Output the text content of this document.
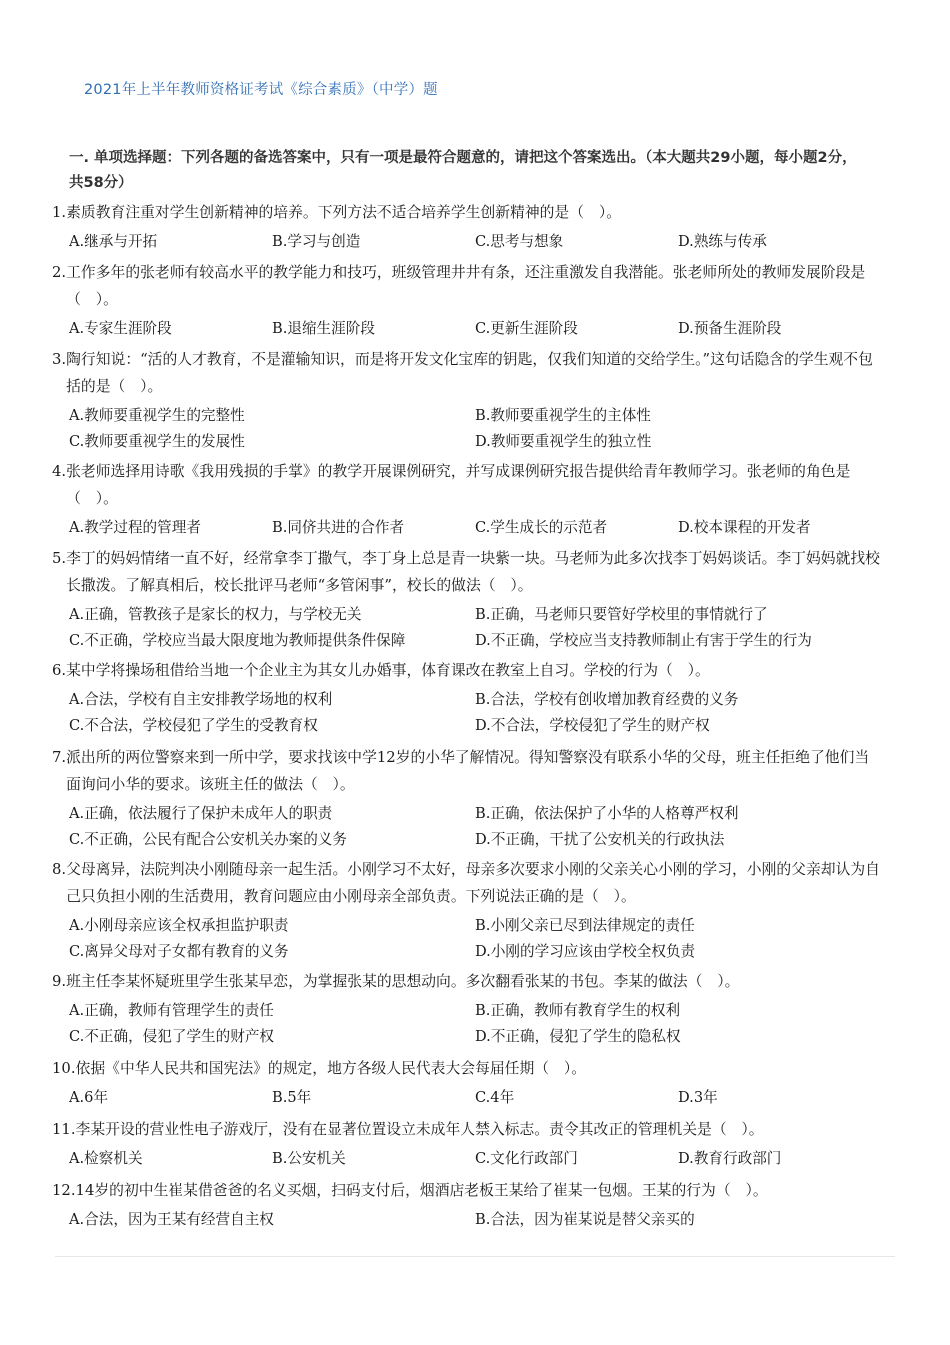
2021年上半年教师资格证考试《综合素质》（中学）题
一. 单项选择题：下列各题的备选答案中，只有一项是最符合题意的，请把这个答案选出。（本大题共29小题，每小题2分，共58分）
1. 素质教育注重对学生创新精神的培养。下列方法不适合培养学生创新精神的是（　）。
A.继承与开拓	B.学习与创造	C.思考与想象	D.熟练与传承
2. 工作多年的张老师有较高水平的教学能力和技巧，班级管理井井有条，还注重激发自我潜能。张老师所处的教师发展阶段是（　）。
A.专家生涯阶段	B.退缩生涯阶段	C.更新生涯阶段	D.预备生涯阶段
3. 陶行知说：“活的人才教育，不是灌输知识，而是将开发文化宝库的钥匙，仅我们知道的交给学生。”这句话隐含的学生观不包括的是（　）。
A.教师要重视学生的完整性	B.教师要重视学生的主体性
C.教师要重视学生的发展性	D.教师要重视学生的独立性
4. 张老师选择用诗歌《我用残损的手掌》的教学开展课例研究，并写成课例研究报告提供给青年教师学习。张老师的角色是（　）。
A.教学过程的管理者	B.同侪共进的合作者	C.学生成长的示范者	D.校本课程的开发者
5. 李丁的妈妈情绪一直不好，经常拿李丁撒气，李丁身上总是青一块紫一块。马老师为此多次找李丁妈妈谈话。李丁妈妈就找校长撒泼。了解真相后，校长批评马老师“多管闲事”，校长的做法（　）。
A.正确，管教孩子是家长的权力，与学校无关	B.正确，马老师只要管好学校里的事情就行了
C.不正确，学校应当最大限度地为教师提供条件保障	D.不正确，学校应当支持教师制止有害于学生的行为
6. 某中学将操场租借给当地一个企业主为其女儿办婚事，体育课改在教室上自习。学校的行为（　）。
A.合法，学校有自主安排教学场地的权利	B.合法，学校有创收增加教育经费的义务
C.不合法，学校侵犯了学生的受教育权	D.不合法，学校侵犯了学生的财产权
7. 派出所的两位警察来到一所中学，要求找该中学12岁的小华了解情况。得知警察没有联系小华的父母，班主任拒绝了他们当面询问小华的要求。该班主任的做法（　）。
A.正确，依法履行了保护未成年人的职责	B.正确，依法保护了小华的人格尊严权利
C.不正确，公民有配合公安机关办案的义务	D.不正确，干扰了公安机关的行政执法
8. 父母离异，法院判决小刚随母亲一起生活。小刚学习不太好，母亲多次要求小刚的父亲关心小刚的学习，小刚的父亲却认为自己只负担小刚的生活费用，教育问题应由小刚母亲全部负责。下列说法正确的是（　）。
A.小刚母亲应该全权承担监护职责	B.小刚父亲已尽到法律规定的责任
C.离异父母对子女都有教育的义务	D.小刚的学习应该由学校全权负责
9. 班主任李某怀疑班里学生张某早恋，为掌握张某的思想动向。多次翻看张某的书包。李某的做法（　）。
A.正确，教师有管理学生的责任	B.正确，教师有教育学生的权利
C.不正确，侵犯了学生的财产权	D.不正确，侵犯了学生的隐私权
10. 依据《中华人民共和国宪法》的规定，地方各级人民代表大会每届任期（　）。
A.6年	B.5年	C.4年	D.3年
11. 李某开设的营业性电子游戏厅，没有在显著位置设立未成年人禁入标志。责令其改正的管理机关是（　）。
A.检察机关	B.公安机关	C.文化行政部门	D.教育行政部门
12. 14岁的初中生崔某借爸爸的名义买烟，扫码支付后，烟酒店老板王某给了崔某一包烟。王某的行为（　）。
A.合法，因为王某有经营自主权	B.合法，因为崔某说是替父亲买的
